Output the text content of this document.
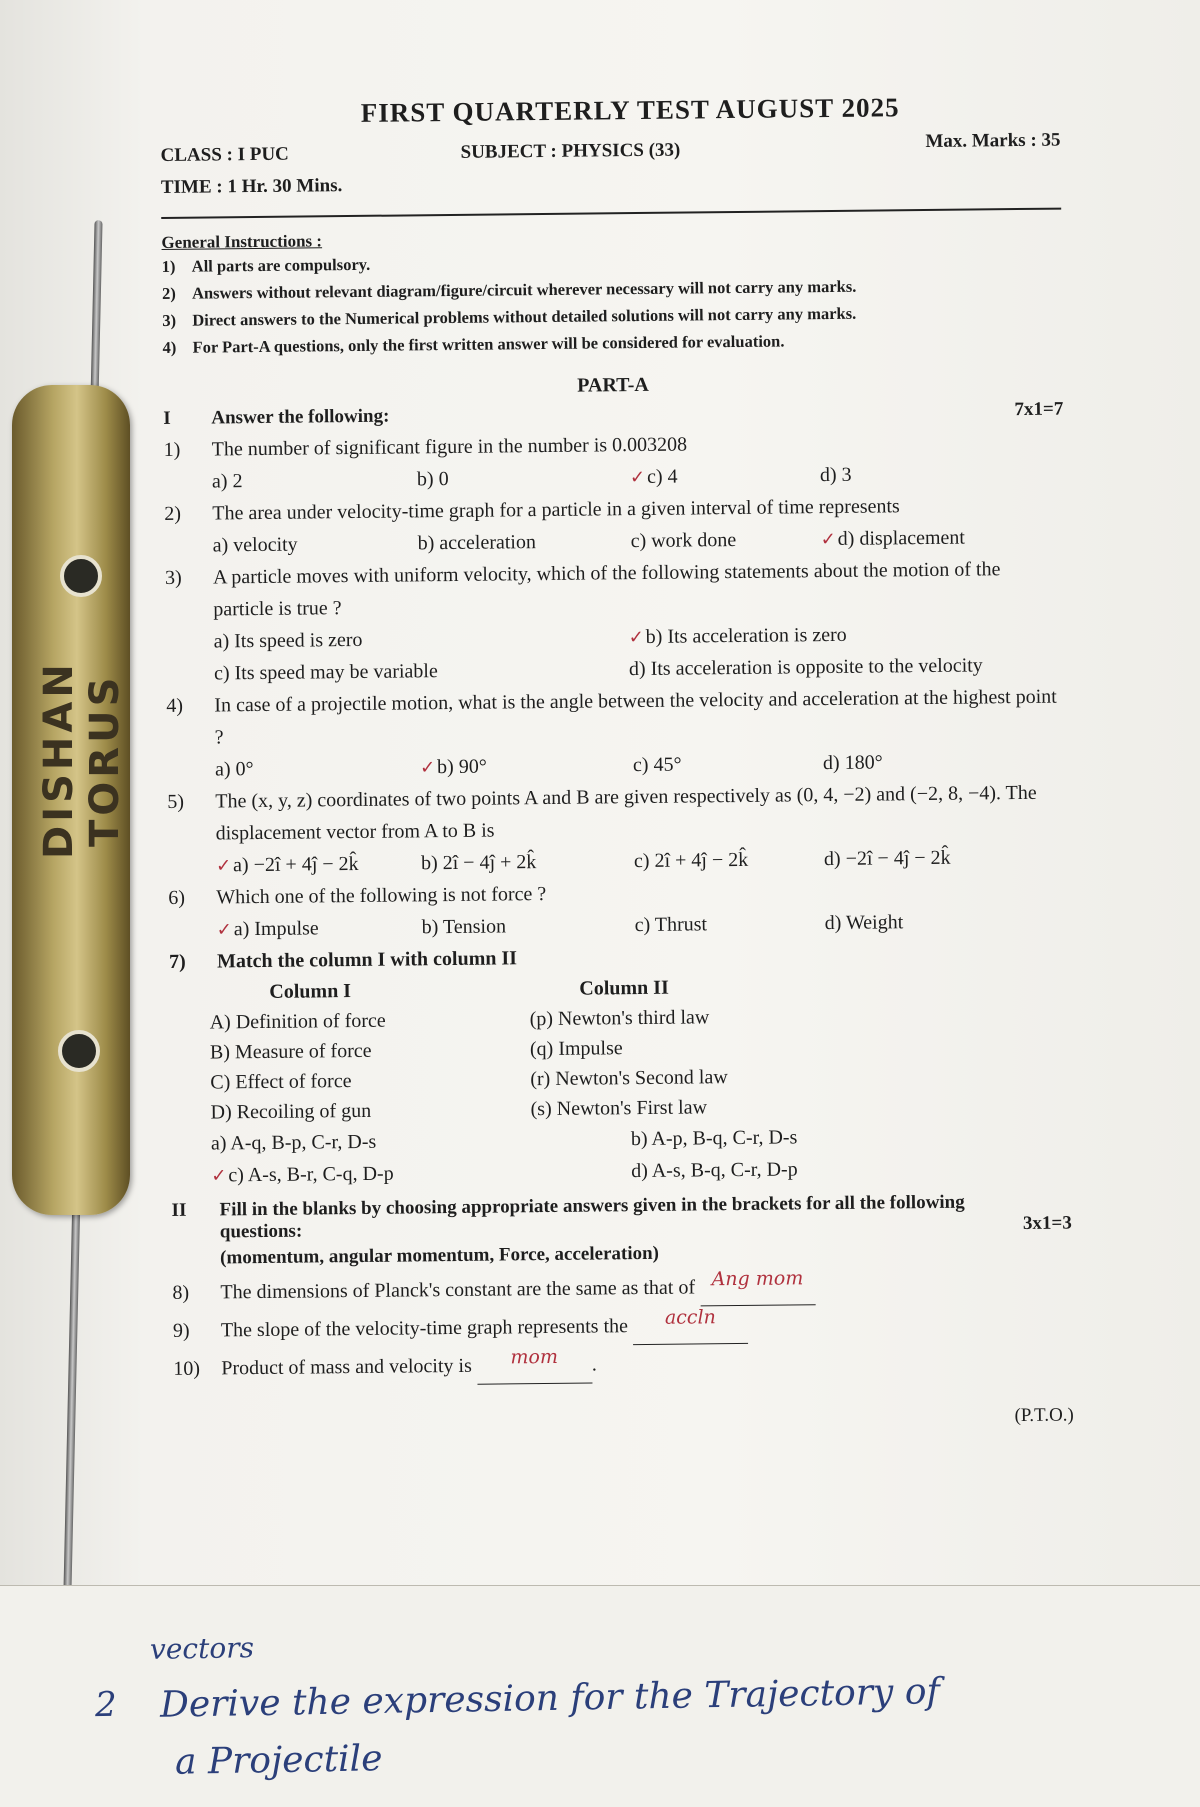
DISHAN TORUS
FIRST QUARTERLY TEST AUGUST 2025
CLASS : I PUC	SUBJECT : PHYSICS (33)	Max. Marks : 35
TIME : 1 Hr. 30 Mins.
General Instructions :
1) All parts are compulsory.
2) Answers without relevant diagram/figure/circuit wherever necessary will not carry any marks.
3) Direct answers to the Numerical problems without detailed solutions will not carry any marks.
4) For Part-A questions, only the first written answer will be considered for evaluation.
PART-A
I	Answer the following:	7x1=7
1)	The number of significant figure in the number is 0.003208
a) 2	b) 0	✓c) 4	d) 3
2)	The area under velocity-time graph for a particle in a given interval of time represents
a) velocity	b) acceleration	c) work done	✓d) displacement
3)	A particle moves with uniform velocity, which of the following statements about the motion of the particle is true ?
a) Its speed is zero	✓b) Its acceleration is zero
c) Its speed may be variable	d) Its acceleration is opposite to the velocity
4)	In case of a projectile motion, what is the angle between the velocity and acceleration at the highest point ?
a) 0°	✓b) 90°	c) 45°	d) 180°
5)	The (x, y, z) coordinates of two points A and B are given respectively as (0, 4, −2) and (−2, 8, −4). The displacement vector from A to B is
✓a) −2î + 4ĵ − 2k̂	b) 2î − 4ĵ + 2k̂	c) 2î + 4ĵ − 2k̂	d) −2î − 4ĵ − 2k̂
6)	Which one of the following is not force ?
✓a) Impulse	b) Tension	c) Thrust	d) Weight
7)	Match the column I with column II
Column I	Column II
A) Definition of force	(p) Newton's third law
B) Measure of force	(q) Impulse
C) Effect of force	(r) Newton's Second law
D) Recoiling of gun	(s) Newton's First law
a) A-q, B-p, C-r, D-s	b) A-p, B-q, C-r, D-s
✓c) A-s, B-r, C-q, D-p	d) A-s, B-q, C-r, D-p
II	Fill in the blanks by choosing appropriate answers given in the brackets for all the following questions:	3x1=3
(momentum, angular momentum, Force, acceleration)
8)	The dimensions of Planck's constant are the same as that of
Ang mom
9)	The slope of the velocity-time graph represents the
	accln
10)	Product of mass and velocity is
	mom	.
(P.T.O.)
vectors
2 Derive the expression for the Trajectory of
a Projectile
